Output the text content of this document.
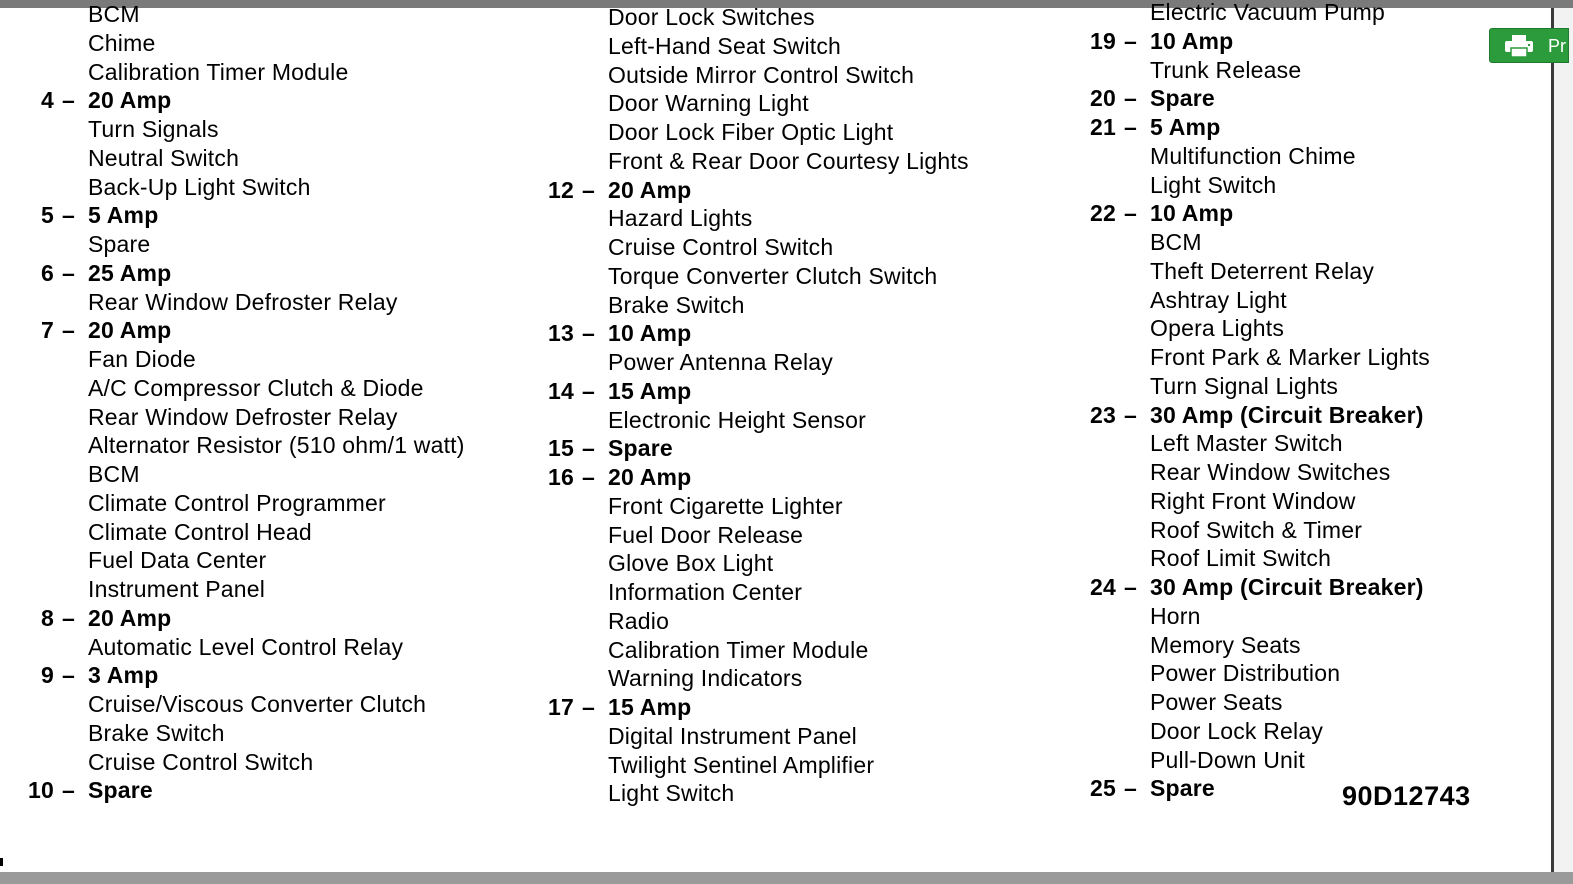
BCM
Chime
Calibration Timer Module
4 – 20 Amp
Turn Signals
Neutral Switch
Back-Up Light Switch
5 – 5 Amp
Spare
6 – 25 Amp
Rear Window Defroster Relay
7 – 20 Amp
Fan Diode
A/C Compressor Clutch & Diode
Rear Window Defroster Relay
Alternator Resistor (510 ohm/1 watt)
BCM
Climate Control Programmer
Climate Control Head
Fuel Data Center
Instrument Panel
8 – 20 Amp
Automatic Level Control Relay
9 – 3 Amp
Cruise/Viscous Converter Clutch
Brake Switch
Cruise Control Switch
10 – Spare
Door Lock Switches
Left-Hand Seat Switch
Outside Mirror Control Switch
Door Warning Light
Door Lock Fiber Optic Light
Front & Rear Door Courtesy Lights
12 – 20 Amp
Hazard Lights
Cruise Control Switch
Torque Converter Clutch Switch
Brake Switch
13 – 10 Amp
Power Antenna Relay
14 – 15 Amp
Electronic Height Sensor
15 – Spare
16 – 20 Amp
Front Cigarette Lighter
Fuel Door Release
Glove Box Light
Information Center
Radio
Calibration Timer Module
Warning Indicators
17 – 15 Amp
Digital Instrument Panel
Twilight Sentinel Amplifier
Light Switch
Electric Vacuum Pump
19 – 10 Amp
Trunk Release
20 – Spare
21 – 5 Amp
Multifunction Chime
Light Switch
22 – 10 Amp
BCM
Theft Deterrent Relay
Ashtray Light
Opera Lights
Front Park & Marker Lights
Turn Signal Lights
23 – 30 Amp (Circuit Breaker)
Left Master Switch
Rear Window Switches
Right Front Window
Roof Switch & Timer
Roof Limit Switch
24 – 30 Amp (Circuit Breaker)
Horn
Memory Seats
Power Distribution
Power Seats
Door Lock Relay
Pull-Down Unit
25 – Spare	90D12743
Pr
